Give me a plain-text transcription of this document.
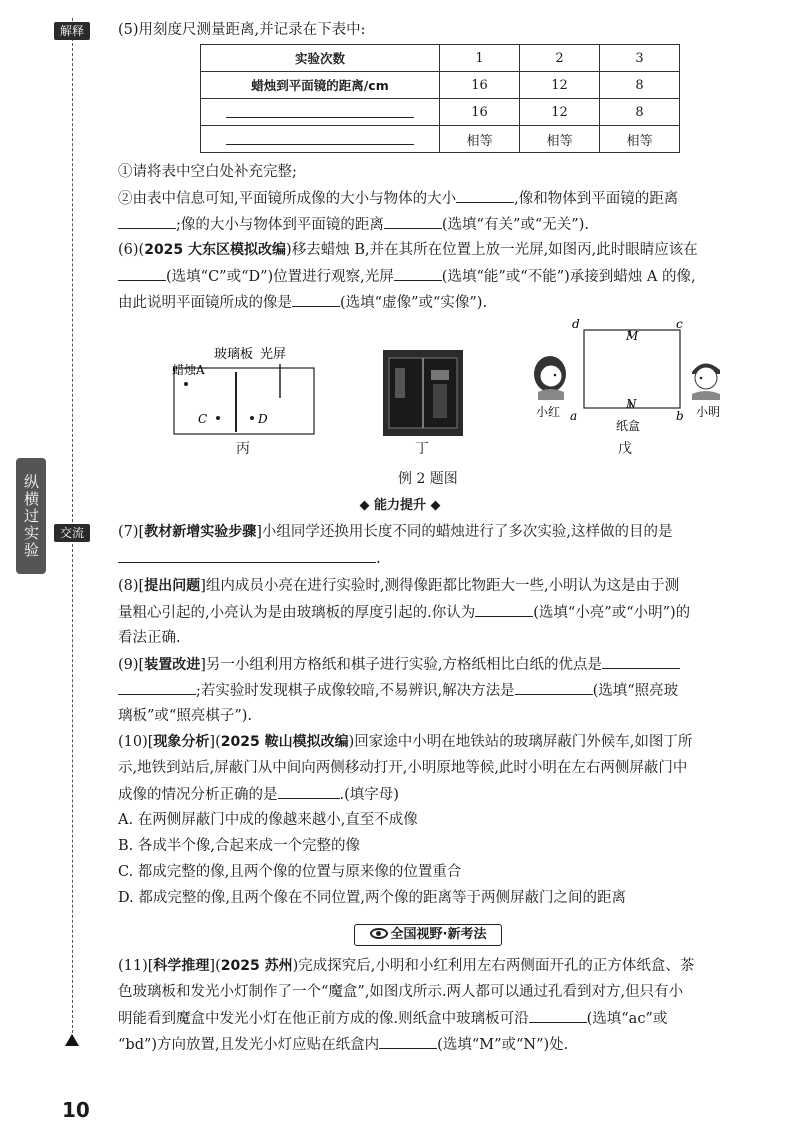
解释
交流
纵横过实验
10
(5)用刻度尺测量距离,并记录在下表中:
实验次数	1	2	3
蜡烛到平面镜的距离/cm	16	12	8
	16	12	8
	相等	相等	相等
①请将表中空白处补充完整;
②由表中信息可知,平面镜所成像的大小与物体的大小	,像和物体到平面镜的距离
;像的大小与物体到平面镜的距离	(选填“有关”或“无关”).
(6)(2025 大东区模拟改编)移去蜡烛 B,并在其所在位置上放一光屏,如图丙,此时眼睛应该在
(选填“C”或“D”)位置进行观察,光屏	(选填“能”或“不能”)承接到蜡烛 A 的像,
由此说明平面镜所成的像是	(选填“虚像”或“实像”).
玻璃板 光屏
蜡烛A
C	D
丙	丁
d
M
c
a
N
b
纸盒
小红	小明
戊
例 2 题图
◆ 能力提升 ◆
(7)[教材新增实验步骤]小组同学还换用长度不同的蜡烛进行了多次实验,这样做的目的是
.
(8)[提出问题]组内成员小亮在进行实验时,测得像距都比物距大一些,小明认为这是由于测
量粗心引起的,小亮认为是由玻璃板的厚度引起的.你认为	(选填“小亮”或“小明”)的
看法正确.
(9)[装置改进]另一小组利用方格纸和棋子进行实验,方格纸相比白纸的优点是
;若实验时发现棋子成像较暗,不易辨识,解决方法是	(选填“照亮玻
璃板”或“照亮棋子”).
(10)[现象分析](2025 鞍山模拟改编)回家途中小明在地铁站的玻璃屏蔽门外候车,如图丁所
示,地铁到站后,屏蔽门从中间向两侧移动打开,小明原地等候,此时小明在左右两侧屏蔽门中
成像的情况分析正确的是	.(填字母)
A. 在两侧屏蔽门中成的像越来越小,直至不成像
B. 各成半个像,合起来成一个完整的像
C. 都成完整的像,且两个像的位置与原来像的位置重合
D. 都成完整的像,且两个像在不同位置,两个像的距离等于两侧屏蔽门之间的距离
全国视野·新考法
(11)[科学推理](2025 苏州)完成探究后,小明和小红利用左右两侧面开孔的正方体纸盒、茶
色玻璃板和发光小灯制作了一个“魔盒”,如图戊所示.两人都可以通过孔看到对方,但只有小
明能看到魔盒中发光小灯在他正前方成的像.则纸盒中玻璃板可沿	(选填“ac”或
“bd”)方向放置,且发光小灯应贴在纸盒内	(选填“M”或“N”)处.
